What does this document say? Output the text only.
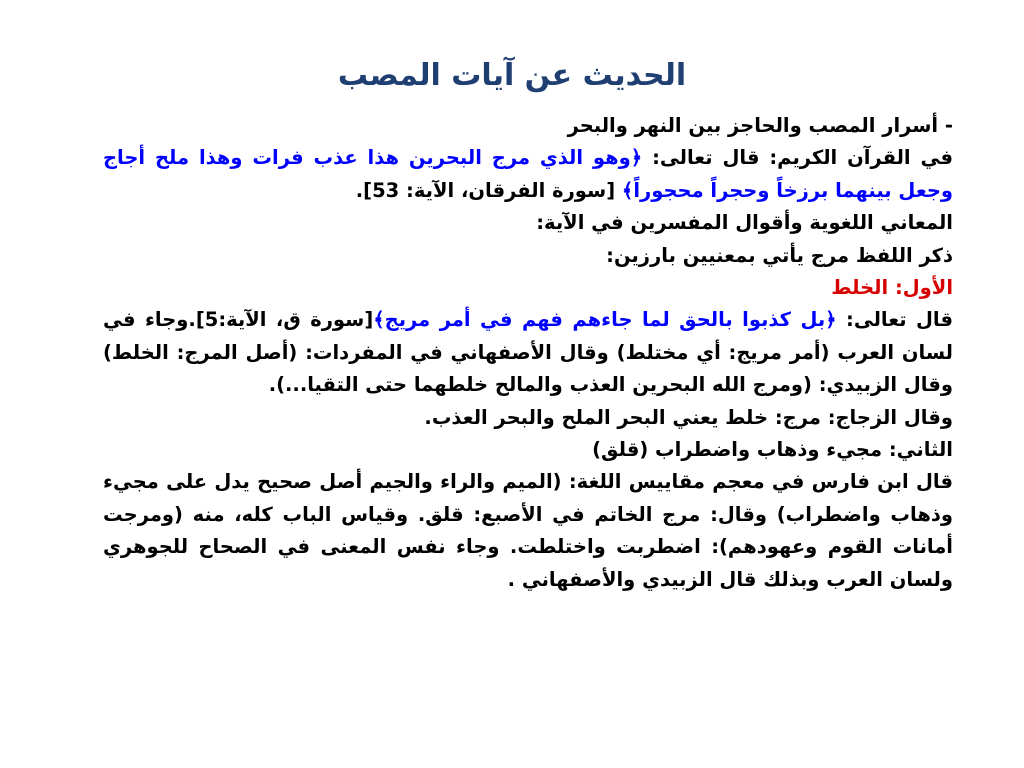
الحديث عن آيات المصب

- أسرار المصب والحاجز بين النهر والبحر

في القرآن الكريم: قال تعالى: ﴿وهو الذي مرج البحرين هذا عذب فرات وهذا ملح أجاج وجعل بينهما برزخاً وحجراً محجوراً﴾ [سورة الفرقان، الآية: 53].

المعاني اللغوية وأقوال المفسرين في الآية:

ذكر اللفظ مرج يأتي بمعنيين بارزين:

الأول: الخلط

قال تعالى: ﴿بل كذبوا بالحق لما جاءهم فهم في أمر مريج﴾[سورة ق، الآية:5].وجاء في لسان العرب (أمر مريج: أي مختلط) وقال الأصفهاني في المفردات: (أصل المرج: الخلط) وقال الزبيدي: (ومرج الله البحرين العذب والمالح خلطهما حتى التقيا...).

وقال الزجاج: مرج: خلط يعني البحر الملح والبحر العذب.

الثاني: مجيء وذهاب واضطراب (قلق)

قال ابن فارس في معجم مقاييس اللغة: (الميم والراء والجيم أصل صحيح يدل على مجيء وذهاب واضطراب) وقال: مرج الخاتم في الأصبع: قلق. وقياس الباب كله، منه (ومرجت أمانات القوم وعهودهم): اضطربت واختلطت. وجاء نفس المعنى في الصحاح للجوهري ولسان العرب وبذلك قال الزبيدي والأصفهاني .
